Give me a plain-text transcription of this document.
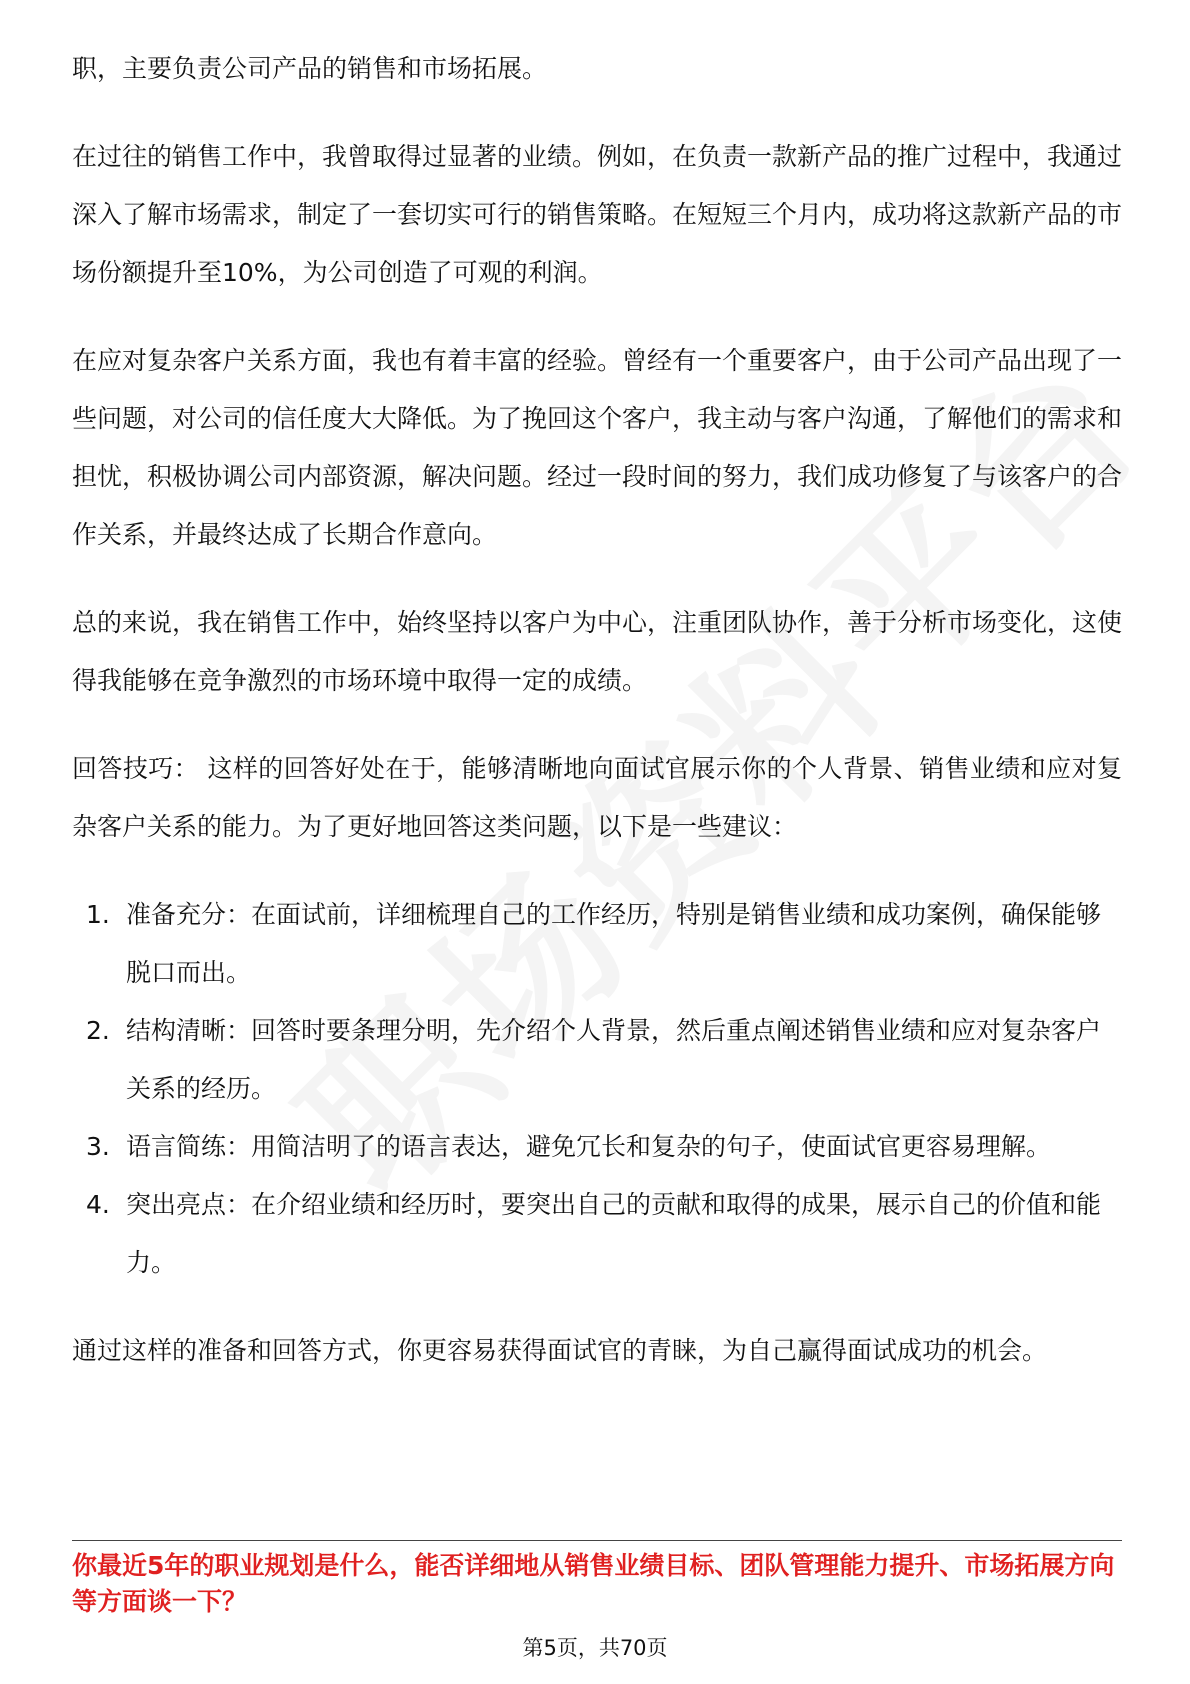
职，主要负责公司产品的销售和市场拓展。

在过往的销售工作中，我曾取得过显著的业绩。例如，在负责一款新产品的推广过程中，我通过深入了解市场需求，制定了一套切实可行的销售策略。在短短三个月内，成功将这款新产品的市场份额提升至10%，为公司创造了可观的利润。

在应对复杂客户关系方面，我也有着丰富的经验。曾经有一个重要客户，由于公司产品出现了一些问题，对公司的信任度大大降低。为了挽回这个客户，我主动与客户沟通，了解他们的需求和担忧，积极协调公司内部资源，解决问题。经过一段时间的努力，我们成功修复了与该客户的合作关系，并最终达成了长期合作意向。

总的来说，我在销售工作中，始终坚持以客户为中心，注重团队协作，善于分析市场变化，这使得我能够在竞争激烈的市场环境中取得一定的成绩。

回答技巧： 这样的回答好处在于，能够清晰地向面试官展示你的个人背景、销售业绩和应对复杂客户关系的能力。为了更好地回答这类问题，以下是一些建议：

1. 准备充分：在面试前，详细梳理自己的工作经历，特别是销售业绩和成功案例，确保能够脱口而出。
2. 结构清晰：回答时要条理分明，先介绍个人背景，然后重点阐述销售业绩和应对复杂客户关系的经历。
3. 语言简练：用简洁明了的语言表达，避免冗长和复杂的句子，使面试官更容易理解。
4. 突出亮点：在介绍业绩和经历时，要突出自己的贡献和取得的成果，展示自己的价值和能力。

通过这样的准备和回答方式，你更容易获得面试官的青睐，为自己赢得面试成功的机会。

你最近5年的职业规划是什么，能否详细地从销售业绩目标、团队管理能力提升、市场拓展方向等方面谈一下？
第5页，共70页
